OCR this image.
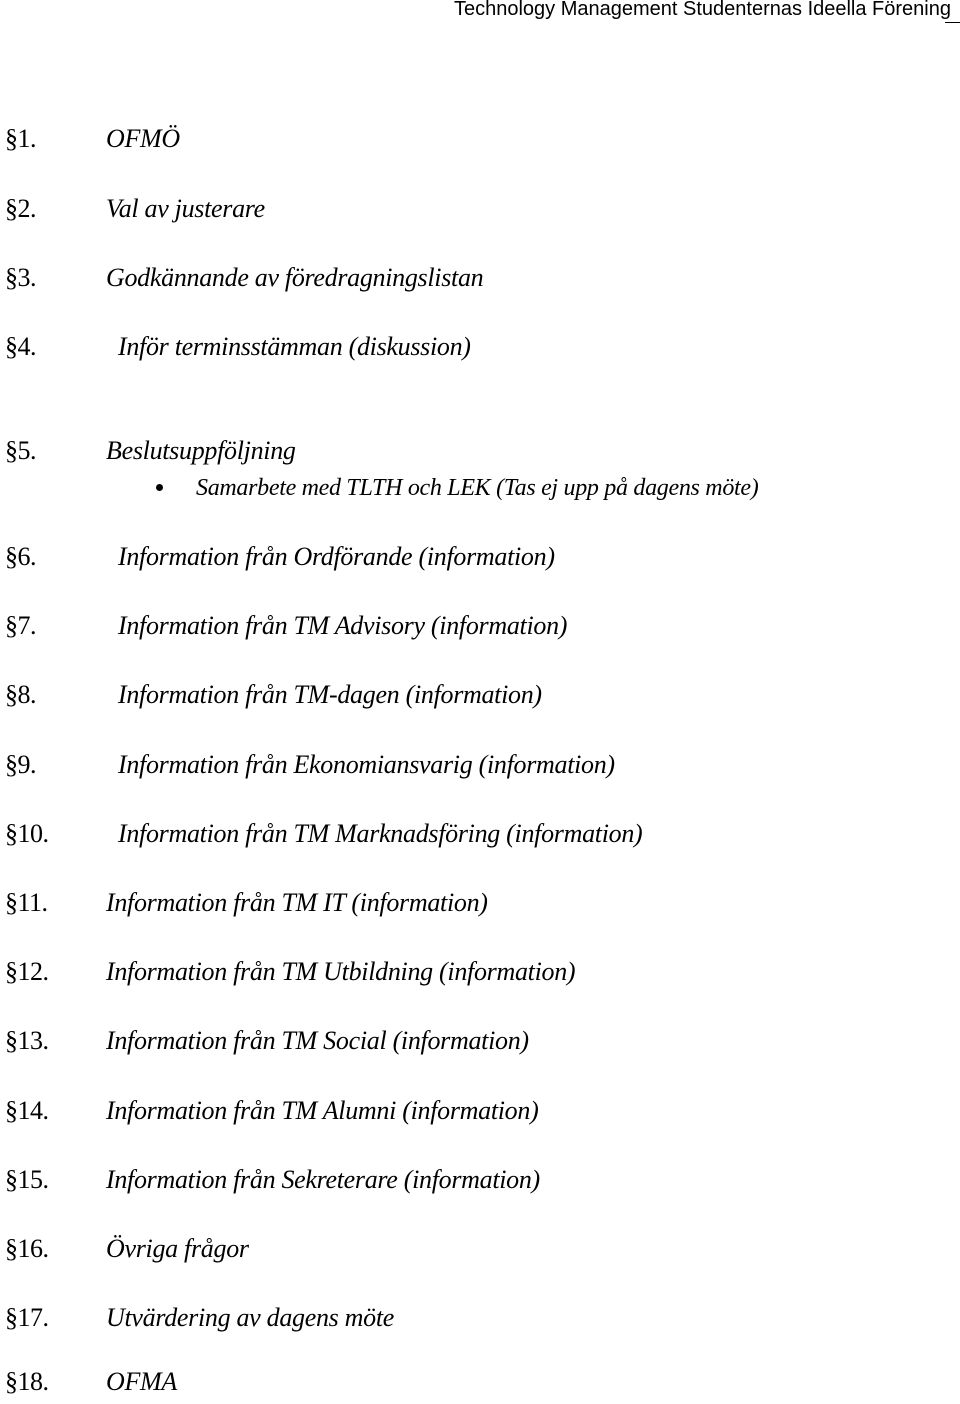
Technology Management Studenternas Ideella Förening
§1.	OFMÖ
§2.	Val av justerare
§3.	Godkännande av föredragningslistan
§4.	Inför terminsstämman (diskussion)
§5.	Beslutsuppföljning
Samarbete med TLTH och LEK (Tas ej upp på dagens möte)
§6.	Information från Ordförande (information)
§7.	Information från TM Advisory (information)
§8.	Information från TM-dagen (information)
§9.	Information från Ekonomiansvarig (information)
§10.	Information från TM Marknadsföring (information)
§11. Information från TM IT (information)
§12. Information från TM Utbildning (information)
§13. Information från TM Social (information)
§14. Information från TM Alumni (information)
§15. Information från Sekreterare (information)
§16. Övriga frågor
§17. Utvärdering av dagens möte
§18. OFMA
